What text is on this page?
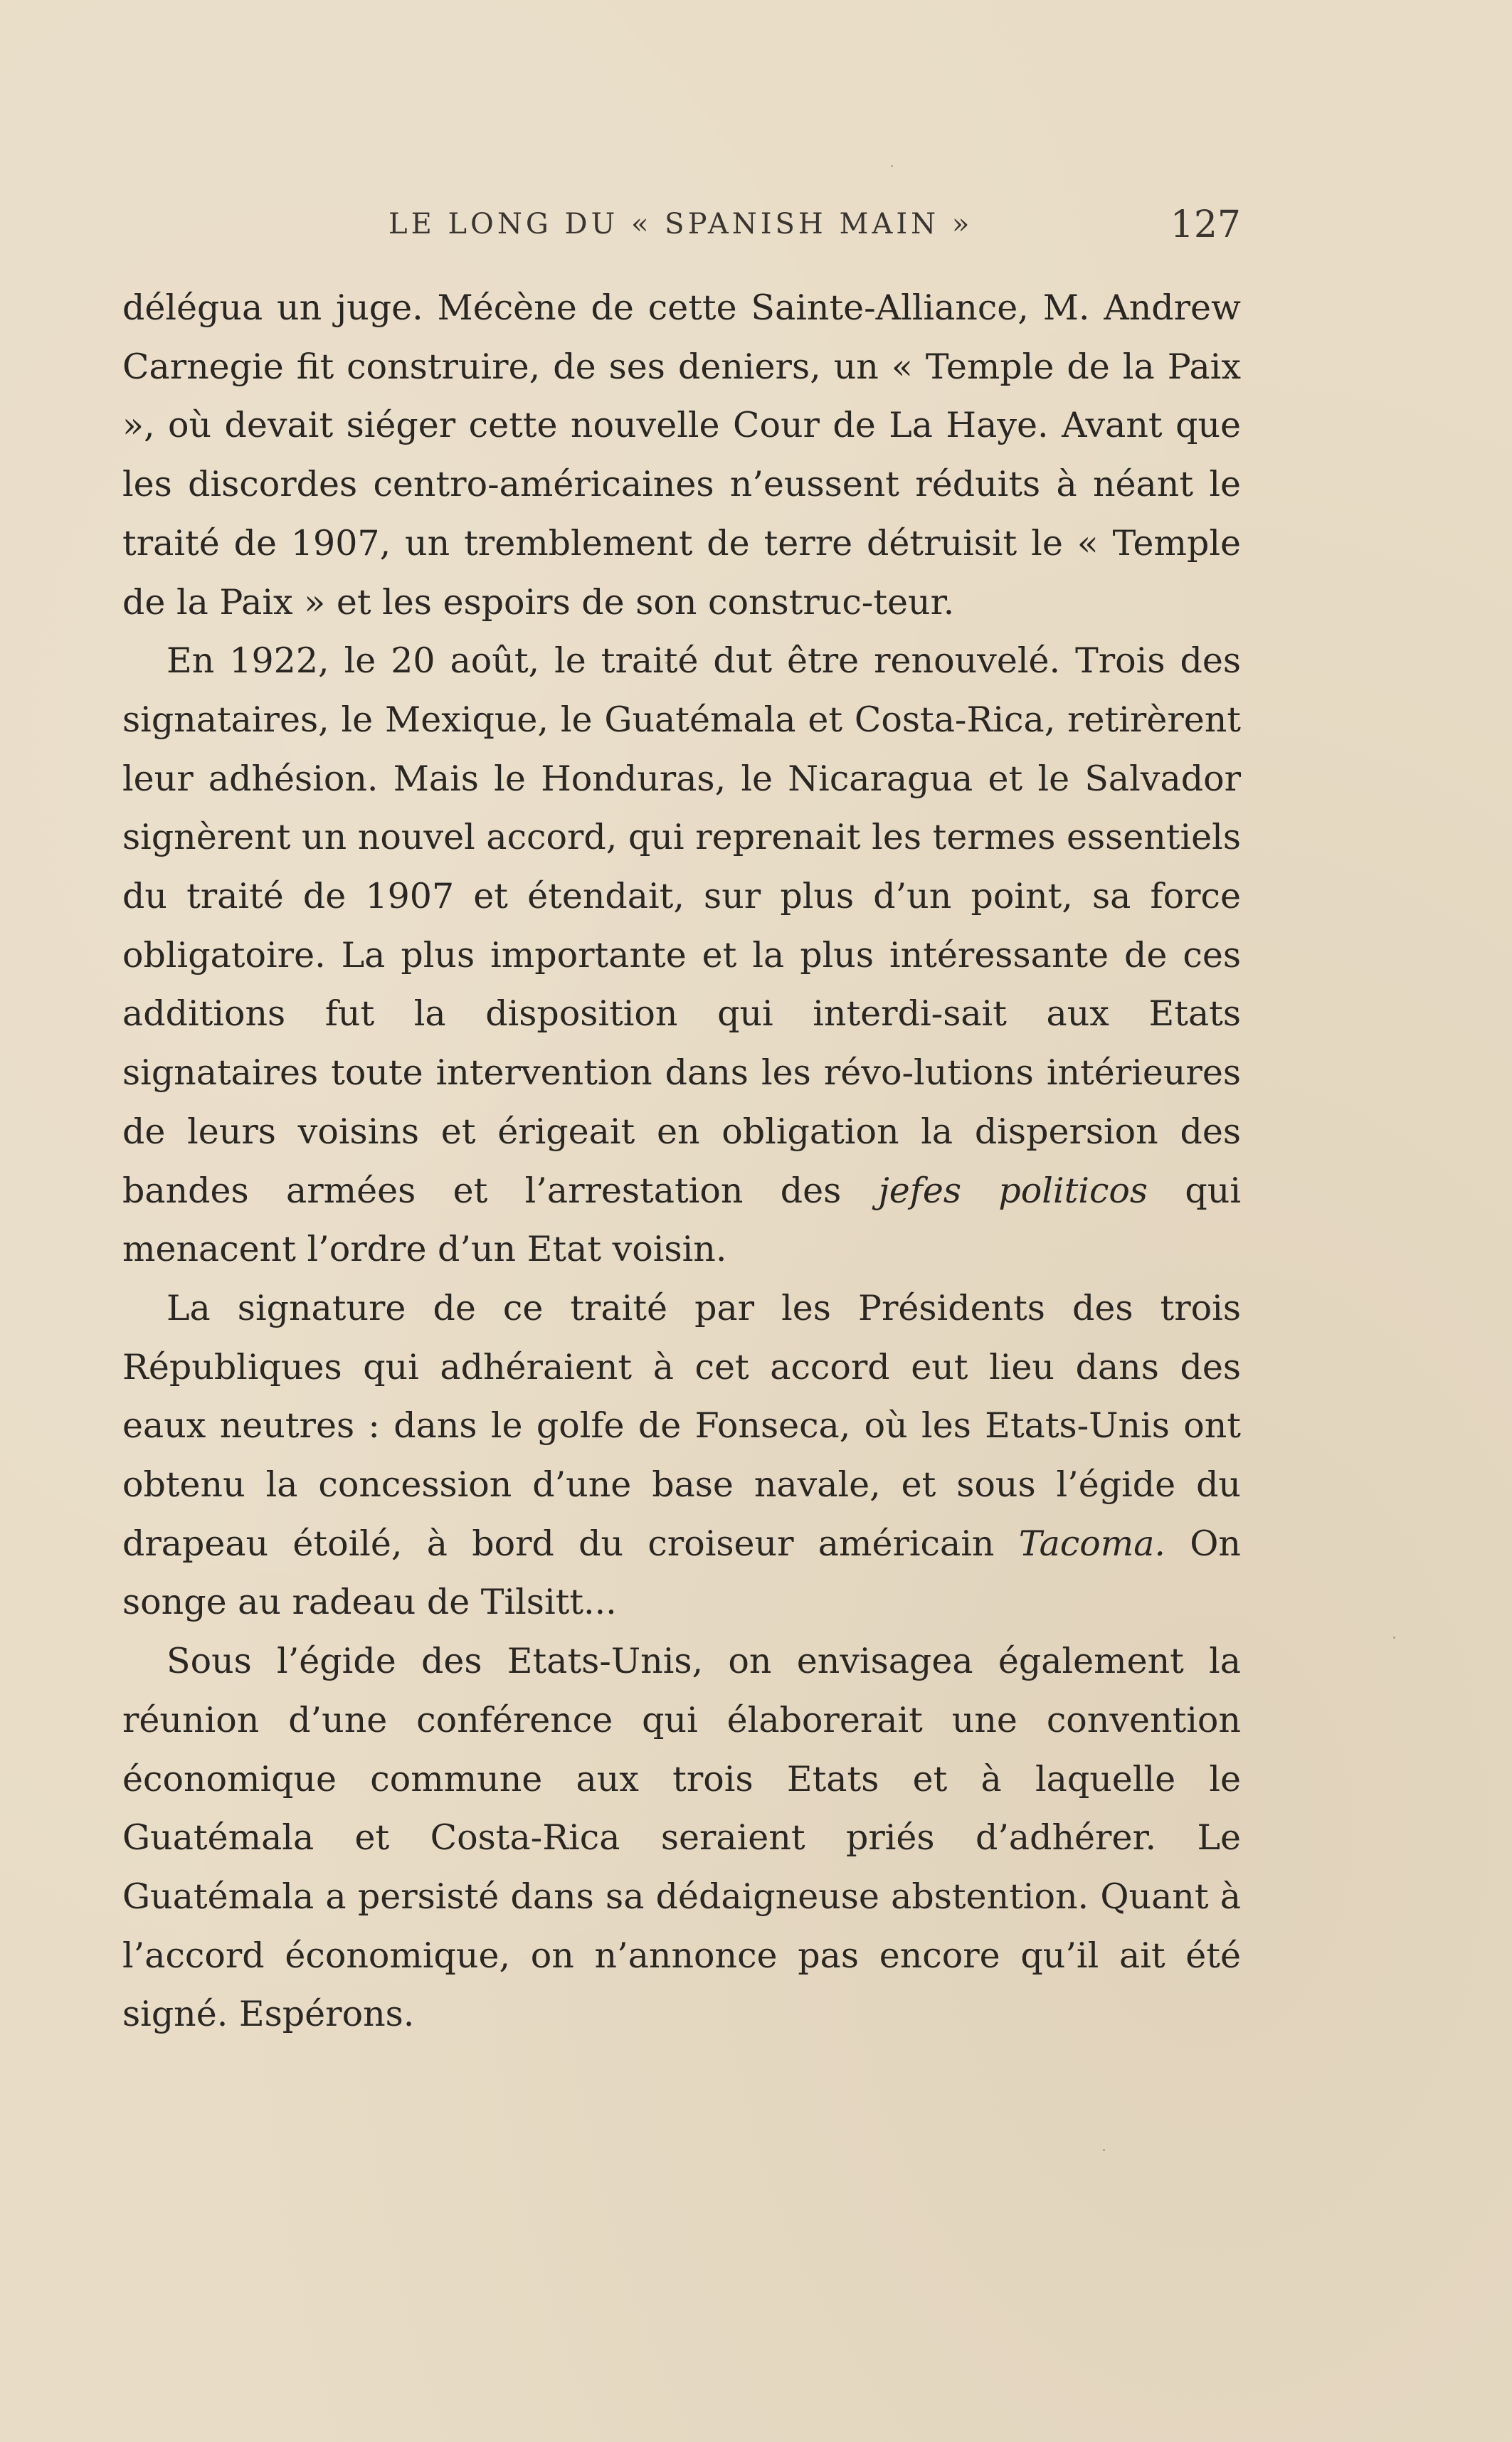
LE LONG DU « SPANISH MAIN »	127

délégua un juge. Mécène de cette Sainte-Alliance, M. Andrew Carnegie fit construire, de ses deniers, un « Temple de la Paix », où devait siéger cette nouvelle Cour de La Haye. Avant que les discordes centro-américaines n’eussent réduits à néant le traité de 1907, un tremblement de terre détruisit le « Temple de la Paix » et les espoirs de son construc-teur.

En 1922, le 20 août, le traité dut être renouvelé. Trois des signataires, le Mexique, le Guatémala et Costa-Rica, retirèrent leur adhésion. Mais le Honduras, le Nicaragua et le Salvador signèrent un nouvel accord, qui reprenait les termes essentiels du traité de 1907 et étendait, sur plus d’un point, sa force obligatoire. La plus importante et la plus intéressante de ces additions fut la disposition qui interdi-sait aux Etats signataires toute intervention dans les révo-lutions intérieures de leurs voisins et érigeait en obligation la dispersion des bandes armées et l’arrestation des jefes politicos qui menacent l’ordre d’un Etat voisin.

La signature de ce traité par les Présidents des trois Républiques qui adhéraient à cet accord eut lieu dans des eaux neutres : dans le golfe de Fonseca, où les Etats-Unis ont obtenu la concession d’une base navale, et sous l’égide du drapeau étoilé, à bord du croiseur américain Tacoma. On songe au radeau de Tilsitt...

Sous l’égide des Etats-Unis, on envisagea également la réunion d’une conférence qui élaborerait une convention économique commune aux trois Etats et à laquelle le Guatémala et Costa-Rica seraient priés d’adhérer. Le Guatémala a persisté dans sa dédaigneuse abstention. Quant à l’accord économique, on n’annonce pas encore qu’il ait été signé. Espérons.
